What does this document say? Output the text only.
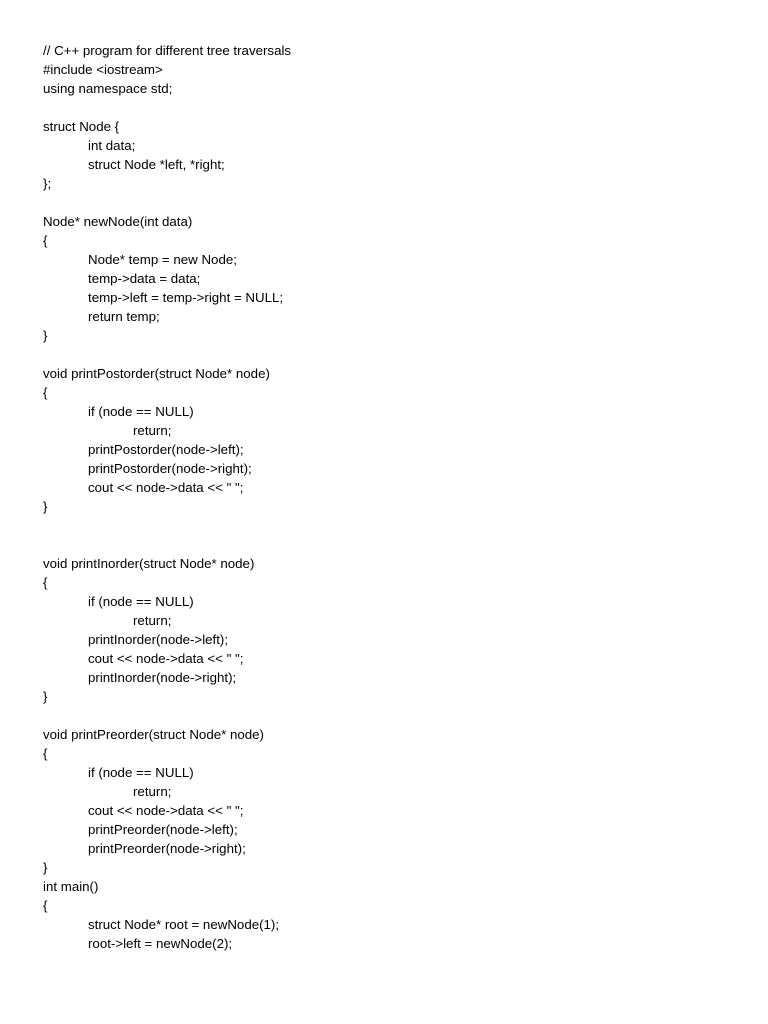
// C++ program for different tree traversals
#include <iostream>
using namespace std;
struct Node {
int data;
struct Node *left, *right;
};
Node* newNode(int data)
{
Node* temp = new Node;
temp->data = data;
temp->left = temp->right = NULL;
return temp;
}
void printPostorder(struct Node* node)
{
if (node == NULL)
return;
printPostorder(node->left);
printPostorder(node->right);
cout << node->data << " ";
}
void printInorder(struct Node* node)
{
if (node == NULL)
return;
printInorder(node->left);
cout << node->data << " ";
printInorder(node->right);
}
void printPreorder(struct Node* node)
{
if (node == NULL)
return;
cout << node->data << " ";
printPreorder(node->left);
printPreorder(node->right);
}
int main()
{
struct Node* root = newNode(1);
root->left = newNode(2);
